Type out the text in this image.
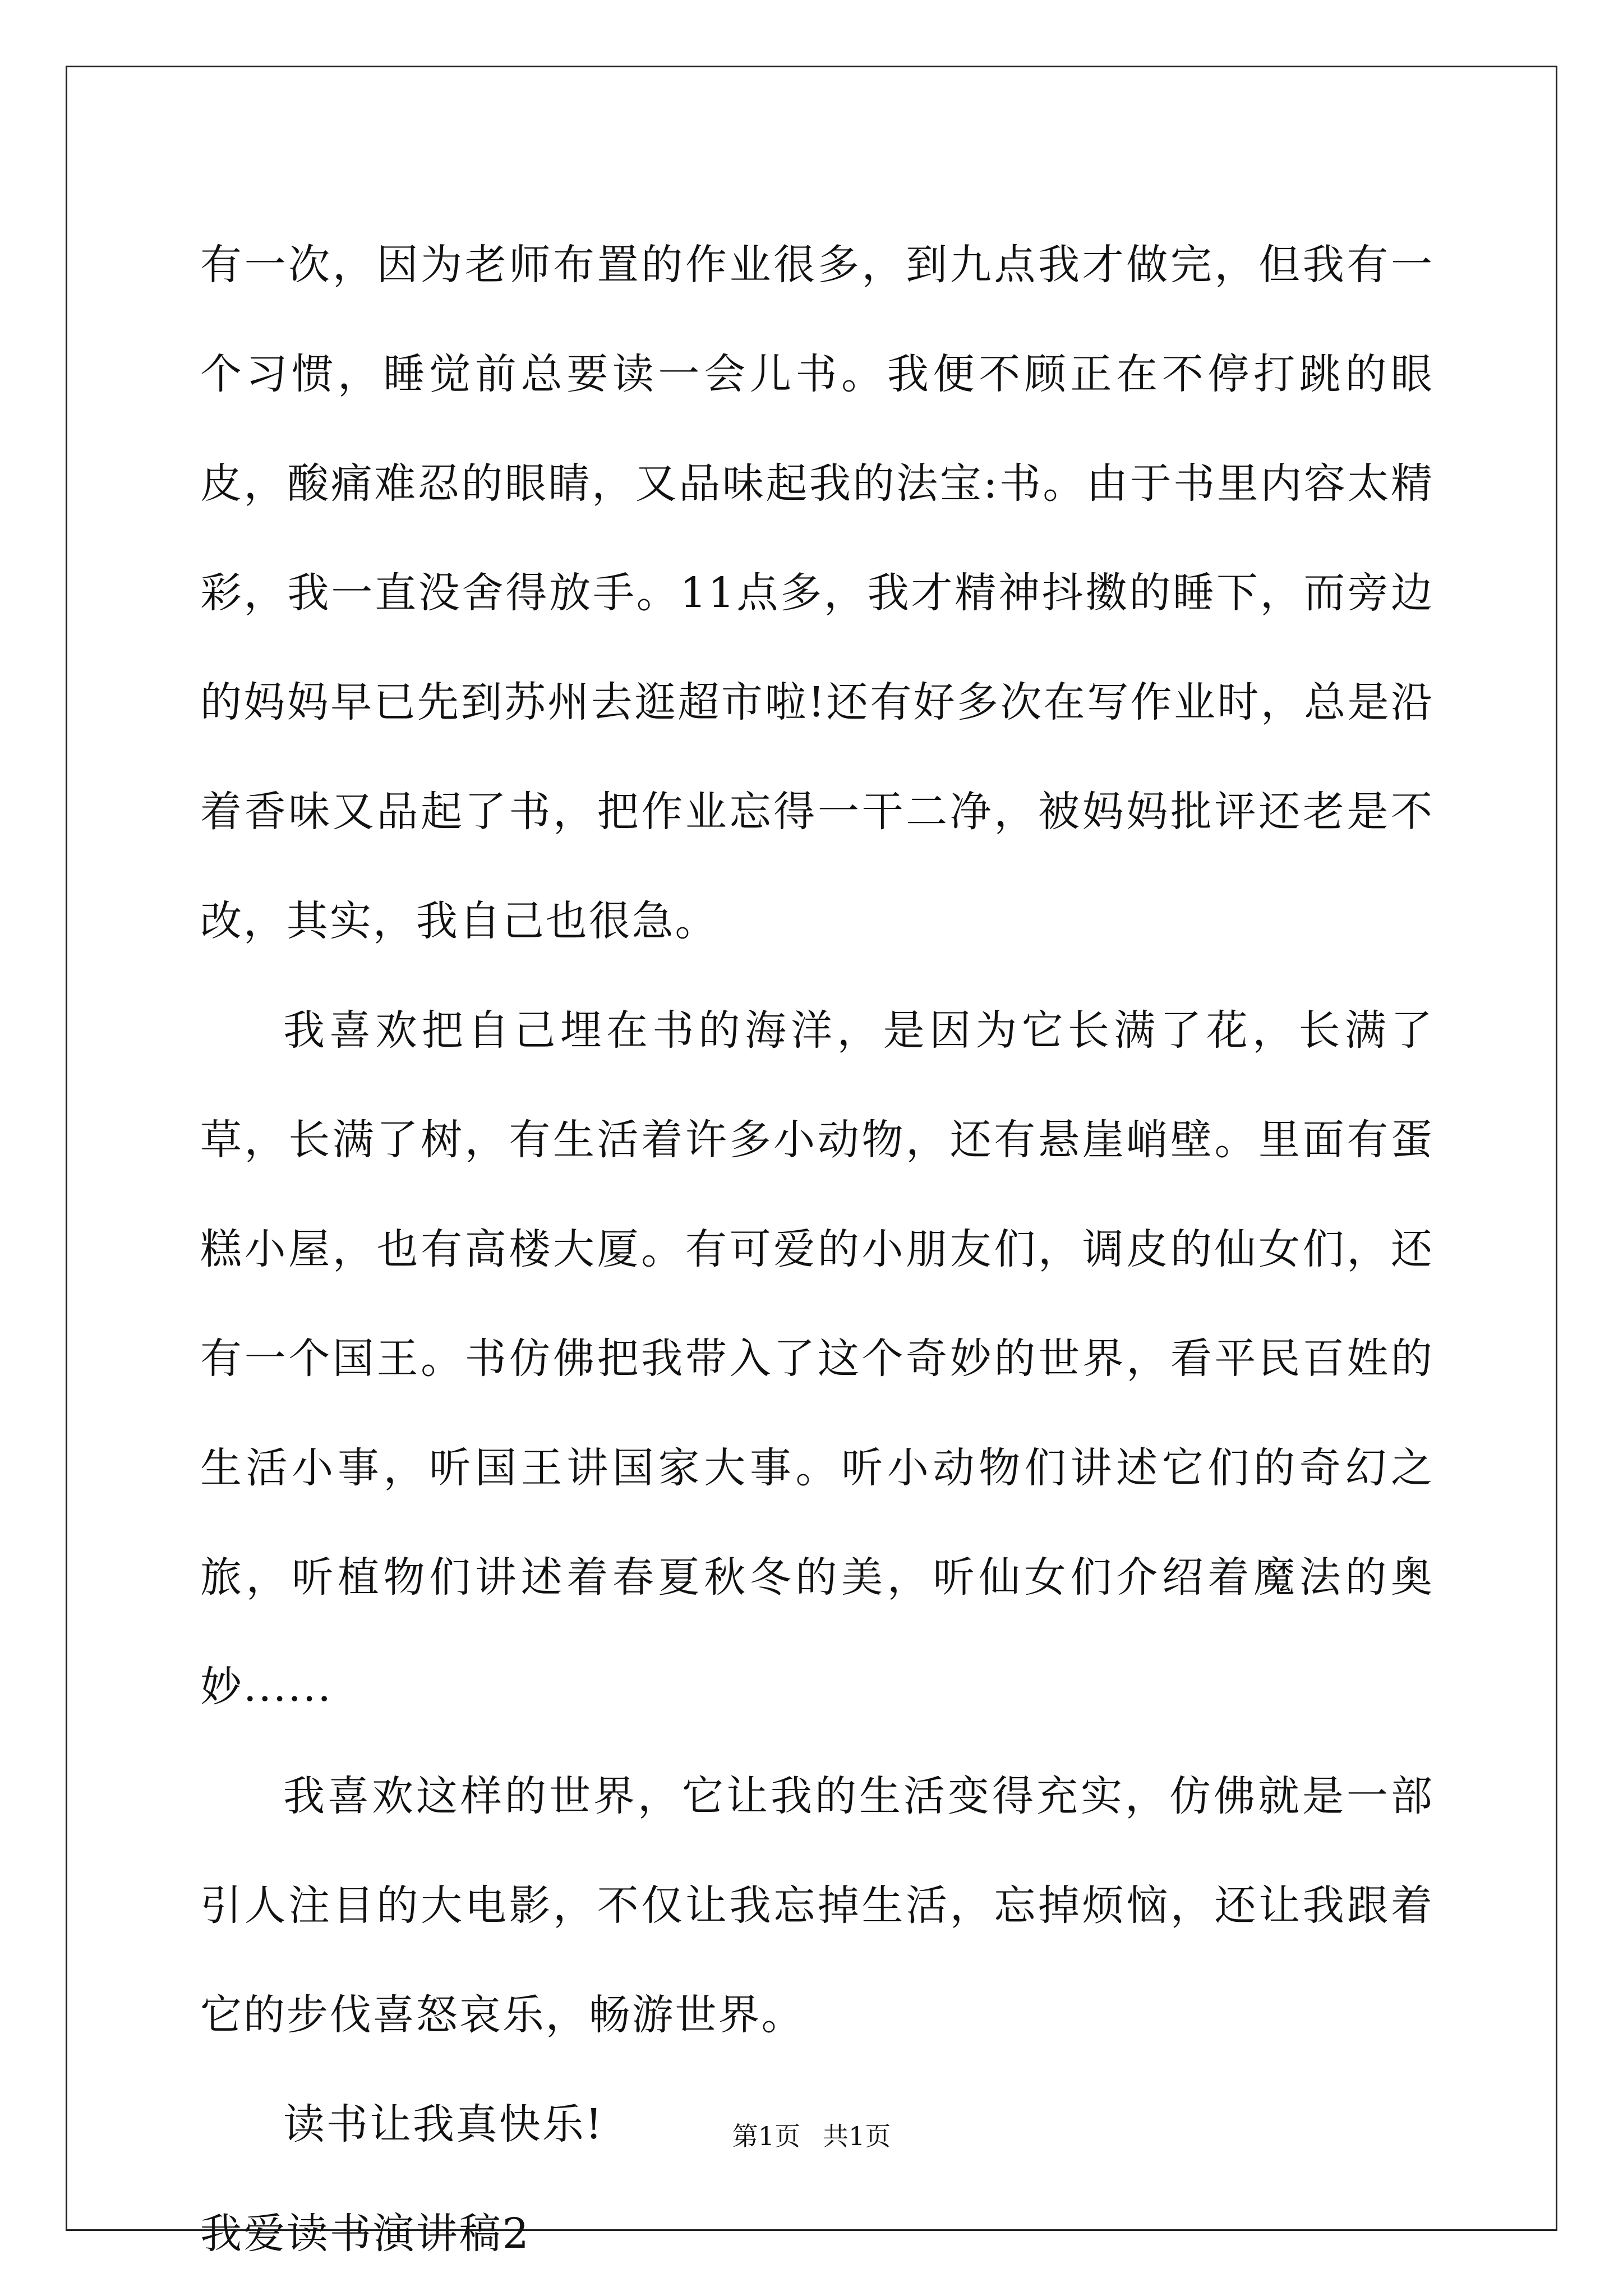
有一次，因为老师布置的作业很多，到九点我才做完，但我有一个习惯，睡觉前总要读一会儿书。我便不顾正在不停打跳的眼皮，酸痛难忍的眼睛，又品味起我的法宝:书。由于书里内容太精彩，我一直没舍得放手。11点多，我才精神抖擞的睡下，而旁边的妈妈早已先到苏州去逛超市啦!还有好多次在写作业时，总是沿着香味又品起了书，把作业忘得一干二净，被妈妈批评还老是不改，其实，我自己也很急。

我喜欢把自己埋在书的海洋，是因为它长满了花，长满了草，长满了树，有生活着许多小动物，还有悬崖峭壁。里面有蛋糕小屋，也有高楼大厦。有可爱的小朋友们，调皮的仙女们，还有一个国王。书仿佛把我带入了这个奇妙的世界，看平民百姓的生活小事，听国王讲国家大事。听小动物们讲述它们的奇幻之旅，听植物们讲述着春夏秋冬的美，听仙女们介绍着魔法的奥妙......

我喜欢这样的世界，它让我的生活变得充实，仿佛就是一部引人注目的大电影，不仅让我忘掉生活，忘掉烦恼，还让我跟着它的步伐喜怒哀乐，畅游世界。

读书让我真快乐!

我爱读书演讲稿2

第1页 共1页
